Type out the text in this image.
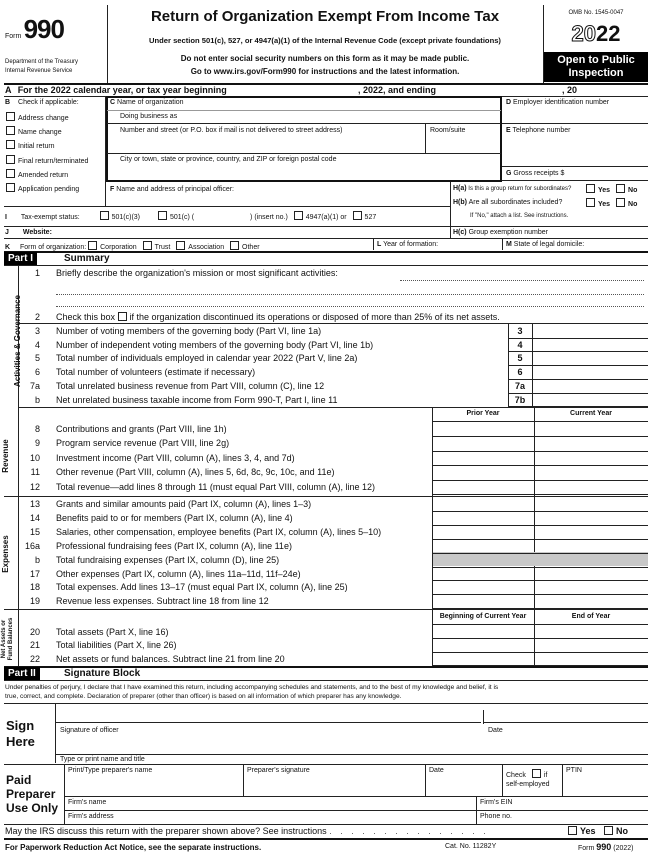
Form 990
Department of the Treasury
Internal Revenue Service
Return of Organization Exempt From Income Tax
Under section 501(c), 527, or 4947(a)(1) of the Internal Revenue Code (except private foundations)
Do not enter social security numbers on this form as it may be made public.
Go to www.irs.gov/Form990 for instructions and the latest information.
OMB No. 1545-0047
2022
Open to Public
Inspection
A For the 2022 calendar year, or tax year beginning	, 2022, and ending	, 20
B Check if applicable:
Address change
Name change
Initial return
Final return/terminated
Amended return
Application pending
C Name of organization
Doing business as
Number and street (or P.O. box if mail is not delivered to street address)	Room/suite
City or town, state or province, country, and ZIP or foreign postal code
D Employer identification number
E Telephone number
G Gross receipts $
F Name and address of principal officer:	H(a) Is this a group return for subordinates?	Yes	No
H(b) Are all subordinates included?	Yes	No
If "No," attach a list. See instructions.
I Tax-exempt status:	501(c)(3)	501(c) (	) (insert no.)	4947(a)(1) or	527
J Website:	H(c) Group exemption number
K Form of organization: Corporation	Trust	Association	Other	L Year of formation:	M State of legal domicile:
Part I	Summary
Activities & Governance
Revenue
Expenses
Net Assets or Fund Balances
1 Briefly describe the organization's mission or most significant activities:
2 Check this box if the organization discontinued its operations or disposed of more than 25% of its net assets.
3 Number of voting members of the governing body (Part VI, line 1a)	3
4 Number of independent voting members of the governing body (Part VI, line 1b)	4
5 Total number of individuals employed in calendar year 2022 (Part V, line 2a)	5
6 Total number of volunteers (estimate if necessary)	6
7a Total unrelated business revenue from Part VIII, column (C), line 12	7a
b Net unrelated business taxable income from Form 990-T, Part I, line 11	7b
Prior Year	Current Year
8 Contributions and grants (Part VIII, line 1h)
9 Program service revenue (Part VIII, line 2g)
10 Investment income (Part VIII, column (A), lines 3, 4, and 7d)
11 Other revenue (Part VIII, column (A), lines 5, 6d, 8c, 9c, 10c, and 11e)
12 Total revenue—add lines 8 through 11 (must equal Part VIII, column (A), line 12)
13 Grants and similar amounts paid (Part IX, column (A), lines 1–3)
14 Benefits paid to or for members (Part IX, column (A), line 4)
15 Salaries, other compensation, employee benefits (Part IX, column (A), lines 5–10)
16a Professional fundraising fees (Part IX, column (A), line 11e)
b Total fundraising expenses (Part IX, column (D), line 25)
17 Other expenses (Part IX, column (A), lines 11a–11d, 11f–24e)
18 Total expenses. Add lines 13–17 (must equal Part IX, column (A), line 25)
19 Revenue less expenses. Subtract line 18 from line 12
Beginning of Current Year	End of Year
20 Total assets (Part X, line 16)
21 Total liabilities (Part X, line 26)
22 Net assets or fund balances. Subtract line 21 from line 20
Part II	Signature Block
Under penalties of perjury, I declare that I have examined this return, including accompanying schedules and statements, and to the best of my knowledge and belief, it is
true, correct, and complete. Declaration of preparer (other than officer) is based on all information of which preparer has any knowledge.
Sign
Here
Signature of officer	Date
Type or print name and title
Paid
Preparer
Use Only
Print/Type preparer's name	Preparer's signature	Date
Check	if
self-employed
PTIN
Firm's name	Firm's EIN
Firm's address	Phone no.
May the IRS discuss this return with the preparer shown above? See instructions . . . . . . . . . . . . . . .	Yes No
For Paperwork Reduction Act Notice, see the separate instructions.	Cat. No. 11282Y	Form 990 (2022)
